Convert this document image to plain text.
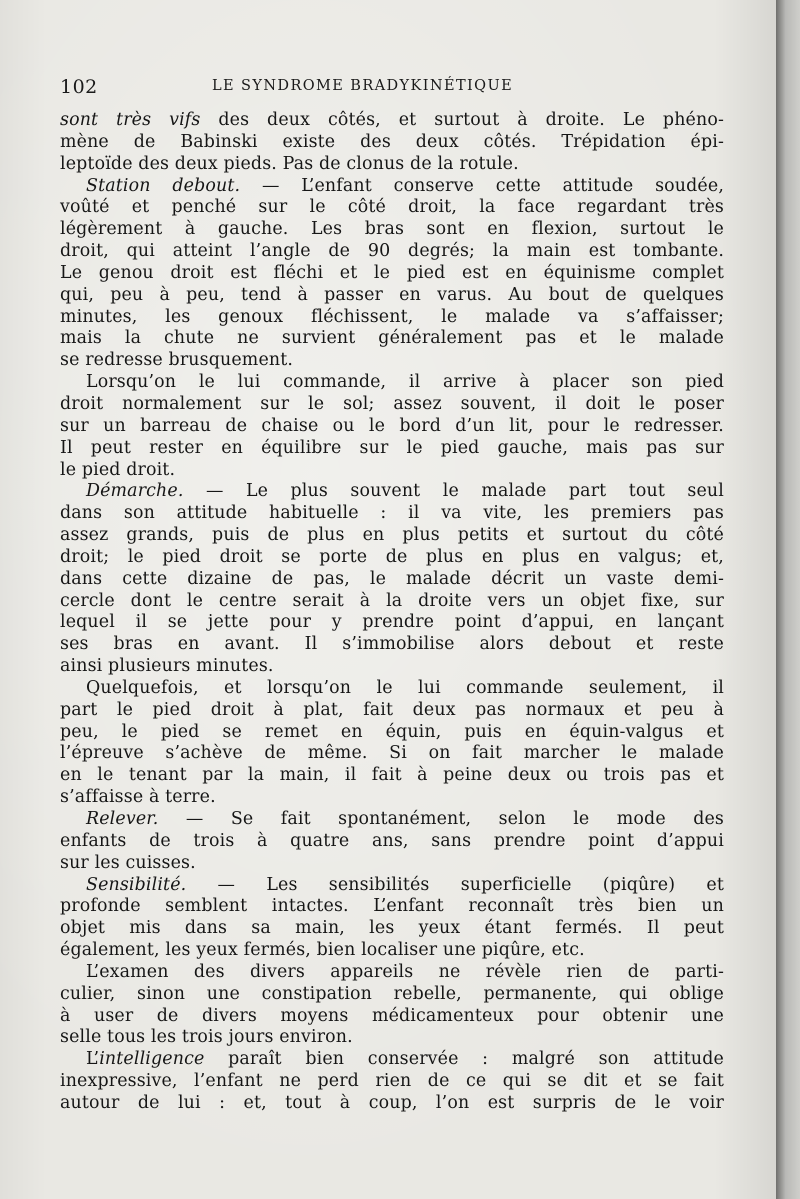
102	LE SYNDROME BRADYKINÉTIQUE
sont très vifs des deux côtés, et surtout à droite. Le phéno-
mène de Babinski existe des deux côtés. Trépidation épi-
leptoïde des deux pieds. Pas de clonus de la rotule.
Station debout. — L’enfant conserve cette attitude soudée,
voûté et penché sur le côté droit, la face regardant très
légèrement à gauche. Les bras sont en flexion, surtout le
droit, qui atteint l’angle de 90 degrés; la main est tombante.
Le genou droit est fléchi et le pied est en équinisme complet
qui, peu à peu, tend à passer en varus. Au bout de quelques
minutes, les genoux fléchissent, le malade va s’affaisser;
mais la chute ne survient généralement pas et le malade
se redresse brusquement.
Lorsqu’on le lui commande, il arrive à placer son pied
droit normalement sur le sol; assez souvent, il doit le poser
sur un barreau de chaise ou le bord d’un lit, pour le redresser.
Il peut rester en équilibre sur le pied gauche, mais pas sur
le pied droit.
Démarche. — Le plus souvent le malade part tout seul
dans son attitude habituelle : il va vite, les premiers pas
assez grands, puis de plus en plus petits et surtout du côté
droit; le pied droit se porte de plus en plus en valgus; et,
dans cette dizaine de pas, le malade décrit un vaste demi-
cercle dont le centre serait à la droite vers un objet fixe, sur
lequel il se jette pour y prendre point d’appui, en lançant
ses bras en avant. Il s’immobilise alors debout et reste
ainsi plusieurs minutes.
Quelquefois, et lorsqu’on le lui commande seulement, il
part le pied droit à plat, fait deux pas normaux et peu à
peu, le pied se remet en équin, puis en équin-valgus et
l’épreuve s’achève de même. Si on fait marcher le malade
en le tenant par la main, il fait à peine deux ou trois pas et
s’affaisse à terre.
Relever. — Se fait spontanément, selon le mode des
enfants de trois à quatre ans, sans prendre point d’appui
sur les cuisses.
Sensibilité. — Les sensibilités superficielle (piqûre) et
profonde semblent intactes. L’enfant reconnaît très bien un
objet mis dans sa main, les yeux étant fermés. Il peut
également, les yeux fermés, bien localiser une piqûre, etc.
L’examen des divers appareils ne révèle rien de parti-
culier, sinon une constipation rebelle, permanente, qui oblige
à user de divers moyens médicamenteux pour obtenir une
selle tous les trois jours environ.
L’intelligence paraît bien conservée : malgré son attitude
inexpressive, l’enfant ne perd rien de ce qui se dit et se fait
autour de lui : et, tout à coup, l’on est surpris de le voir
